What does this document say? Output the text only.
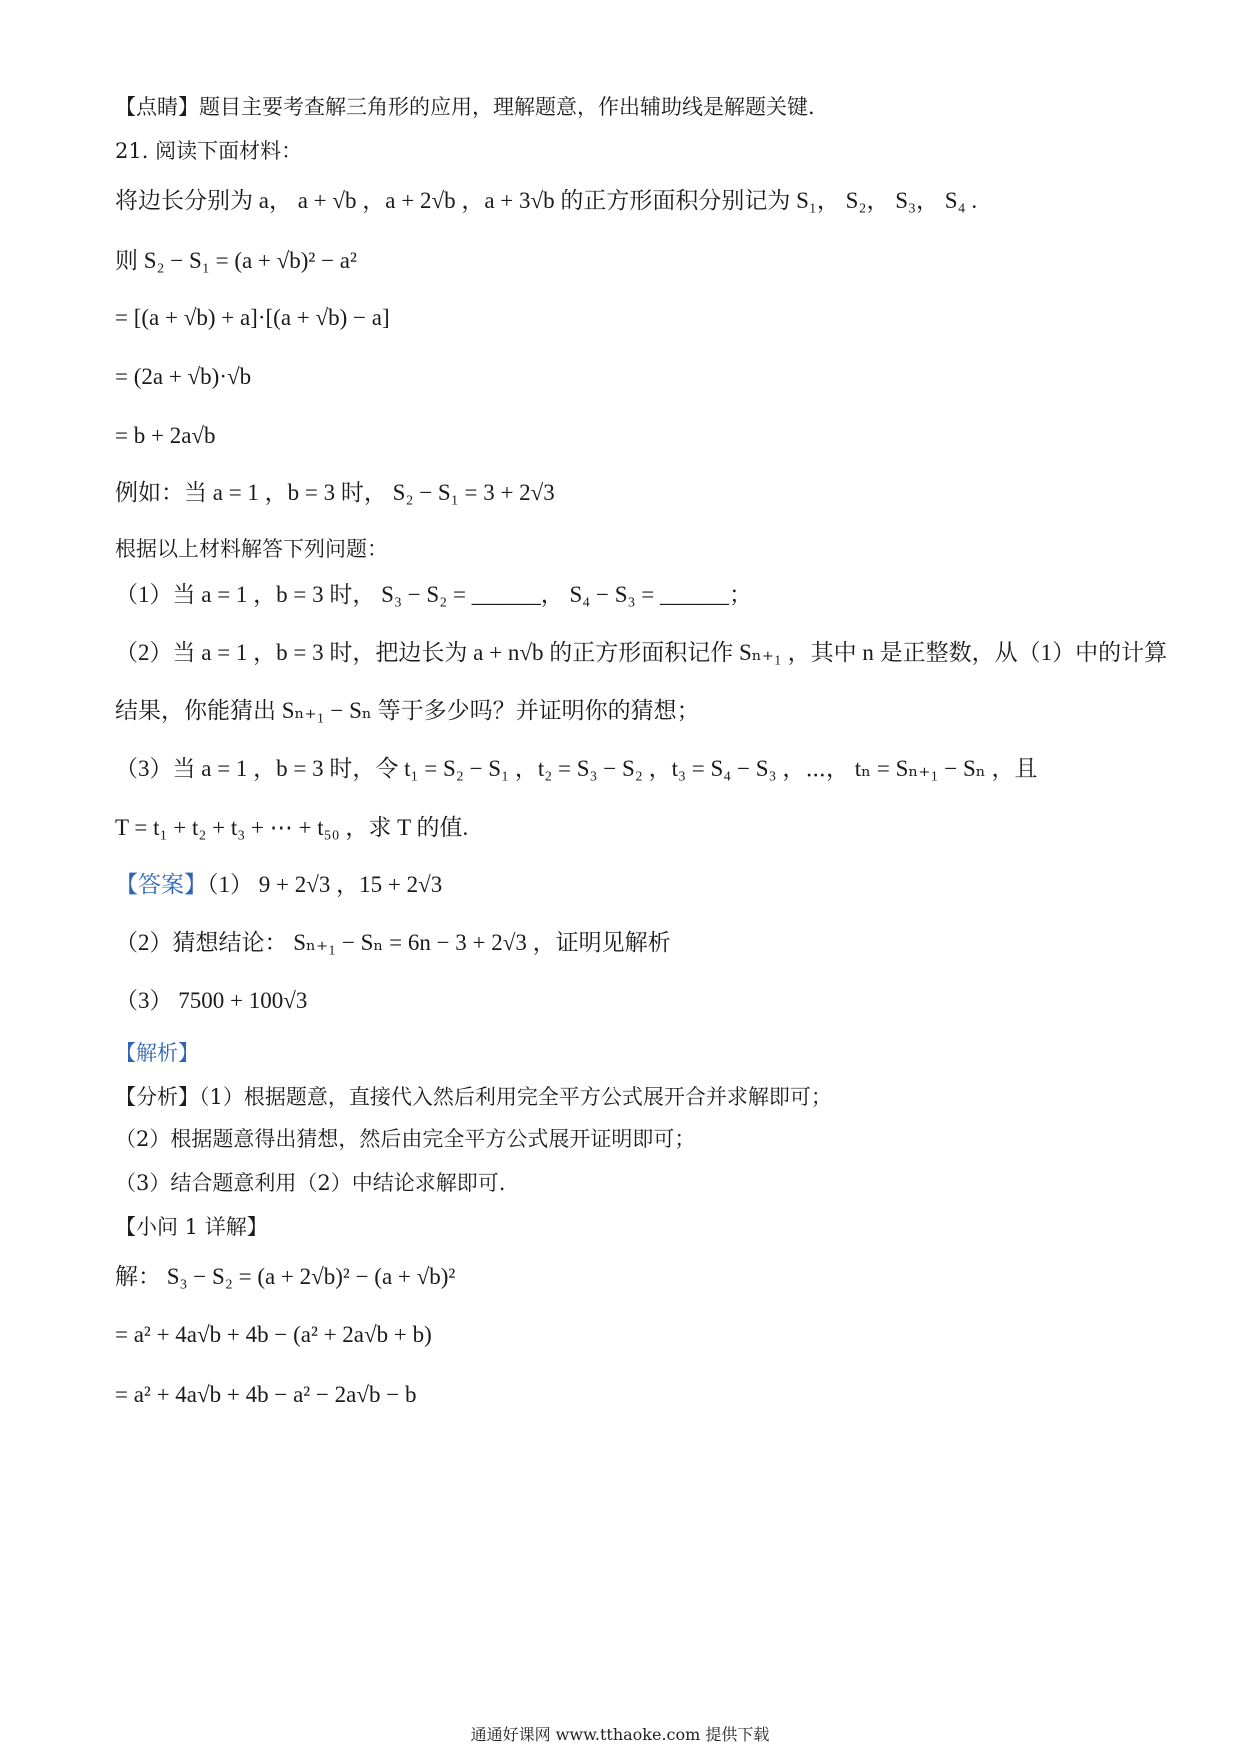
【点睛】题目主要考查解三角形的应用，理解题意，作出辅助线是解题关键.
21. 阅读下面材料：
将边长分别为 a， a + √b ，a + 2√b ，a + 3√b 的正方形面积分别记为 S₁， S₂， S₃， S₄ .
则 S₂ − S₁ = (a + √b)² − a²
= [(a + √b) + a]·[(a + √b) − a]
= (2a + √b)·√b
= b + 2a√b
例如：当 a = 1 ，b = 3 时， S₂ − S₁ = 3 + 2√3
根据以上材料解答下列问题：
（1）当 a = 1 ，b = 3 时， S₃ − S₂ = ______， S₄ − S₃ = ______；
（2）当 a = 1 ，b = 3 时，把边长为 a + n√b 的正方形面积记作 Sₙ₊₁ ，其中 n 是正整数，从（1）中的计算
结果，你能猜出 Sₙ₊₁ − Sₙ 等于多少吗？并证明你的猜想；
（3）当 a = 1 ，b = 3 时，令 t₁ = S₂ − S₁ ，t₂ = S₃ − S₂ ，t₃ = S₄ − S₃ ，⋯， tₙ = Sₙ₊₁ − Sₙ ，且
T = t₁ + t₂ + t₃ + ⋯ + t₅₀ ，求 T 的值.
【答案】（1） 9 + 2√3 ，15 + 2√3
（2）猜想结论： Sₙ₊₁ − Sₙ = 6n − 3 + 2√3 ，证明见解析
（3） 7500 + 100√3
【解析】
【分析】（1）根据题意，直接代入然后利用完全平方公式展开合并求解即可；
（2）根据题意得出猜想，然后由完全平方公式展开证明即可；
（3）结合题意利用（2）中结论求解即可.
【小问 1 详解】
解： S₃ − S₂ = (a + 2√b)² − (a + √b)²
= a² + 4a√b + 4b − (a² + 2a√b + b)
= a² + 4a√b + 4b − a² − 2a√b − b
通通好课网 www.tthaoke.com 提供下载
